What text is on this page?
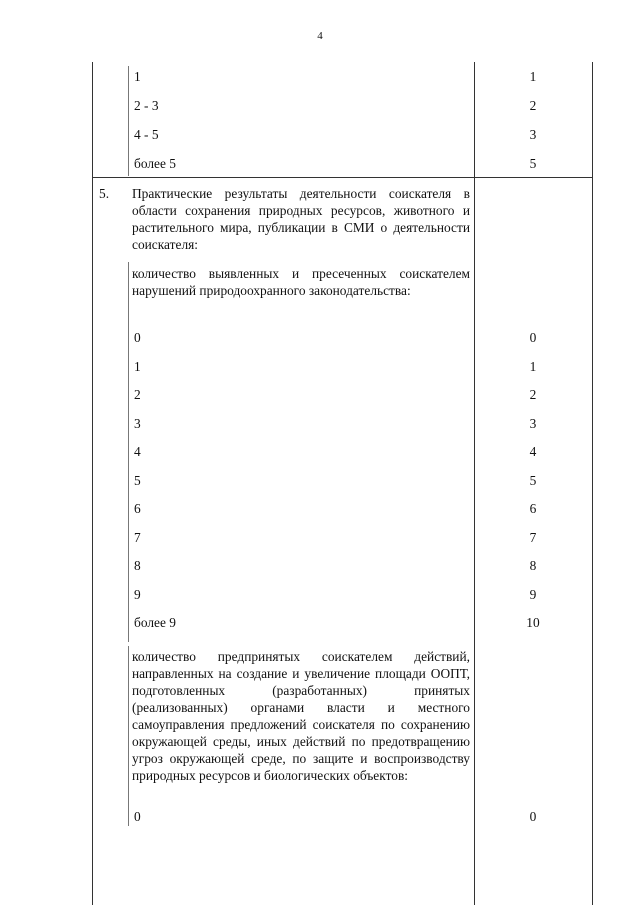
4
1	1
2 - 3	2
4 - 5	3
более 5	5
5. Практические результаты деятельности соискателя в области сохранения природных ресурсов, животного и растительного мира, публикации в СМИ о деятельности соискателя:
количество выявленных и пресеченных соискателем нарушений природоохранного законодательства:
0	0
1	1
2	2
3	3
4	4
5	5
6	6
7	7
8	8
9	9
более 9	10
количество предпринятых соискателем действий, направленных на создание и увеличение площади ООПТ, подготовленных (разработанных) принятых (реализованных) органами власти и местного самоуправления предложений соискателя по сохранению окружающей среды, иных действий по предотвращению угроз окружающей среде, по защите и воспроизводству природных ресурсов и биологических объектов:
0	0
